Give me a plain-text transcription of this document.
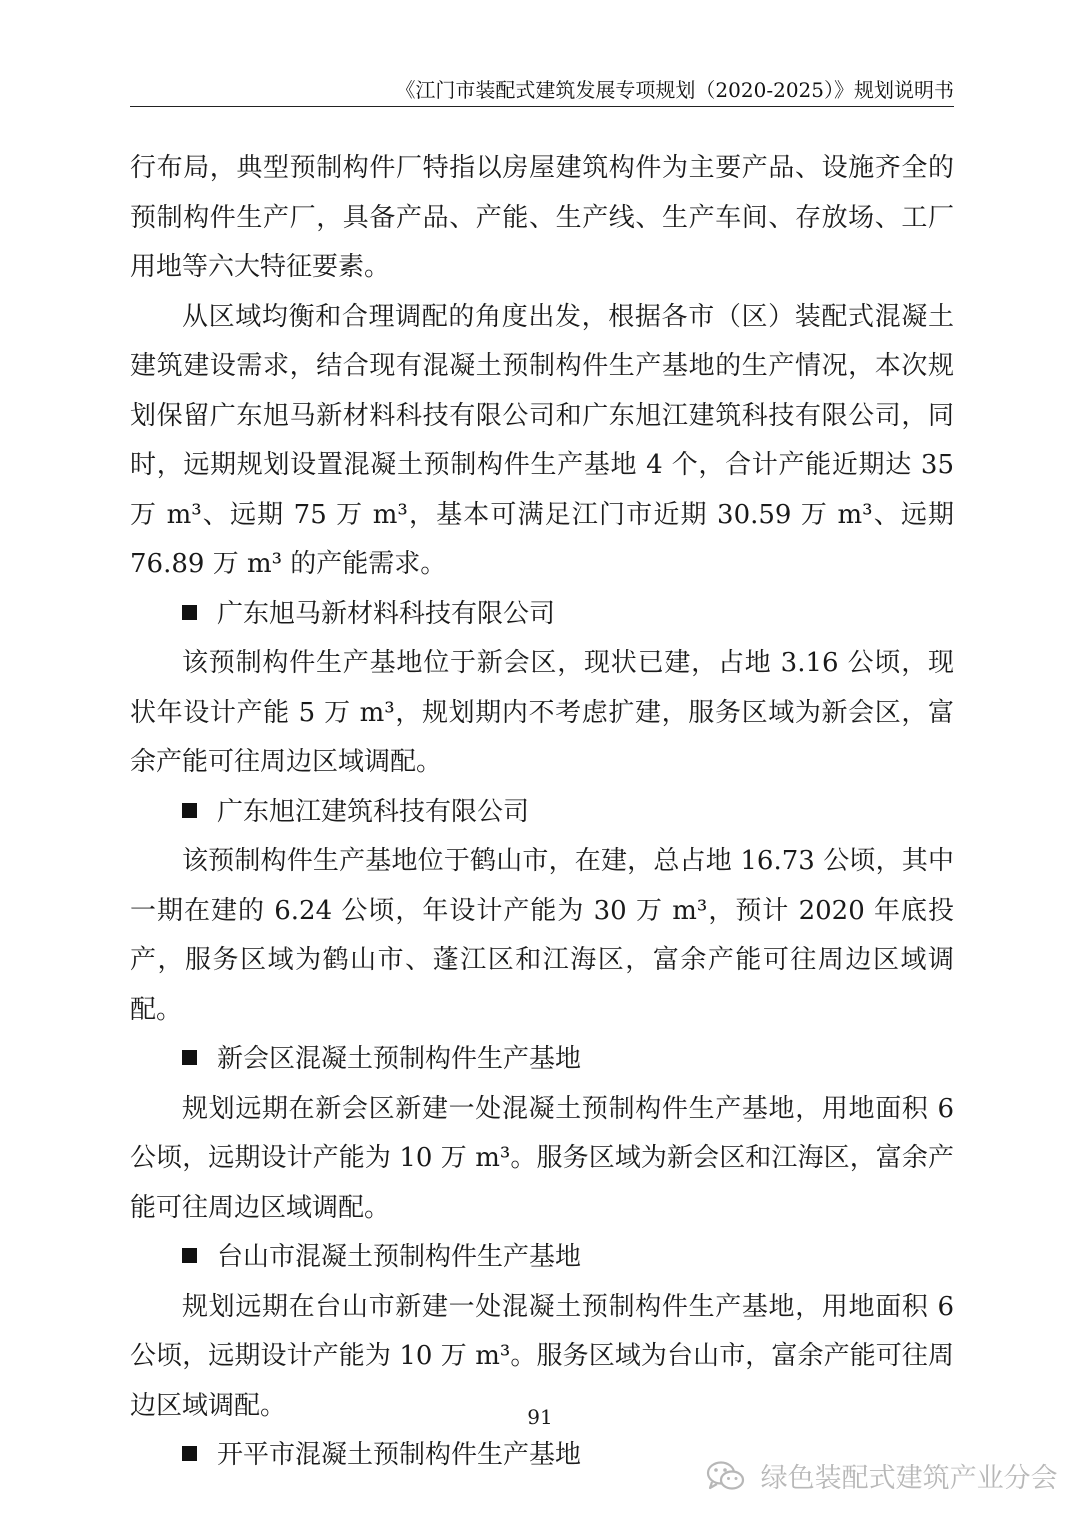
《江门市装配式建筑发展专项规划（2020-2025）》规划说明书

行布局，典型预制构件厂特指以房屋建筑构件为主要产品、设施齐全的预制构件生产厂，具备产品、产能、生产线、生产车间、存放场、工厂用地等六大特征要素。

从区域均衡和合理调配的角度出发，根据各市（区）装配式混凝土建筑建设需求，结合现有混凝土预制构件生产基地的生产情况，本次规划保留广东旭马新材料科技有限公司和广东旭江建筑科技有限公司，同时，远期规划设置混凝土预制构件生产基地 4 个，合计产能近期达 35 万 m³、远期 75 万 m³，基本可满足江门市近期 30.59 万 m³、远期 76.89 万 m³ 的产能需求。

广东旭马新材料科技有限公司

该预制构件生产基地位于新会区，现状已建，占地 3.16 公顷，现状年设计产能 5 万 m³，规划期内不考虑扩建，服务区域为新会区，富余产能可往周边区域调配。

广东旭江建筑科技有限公司

该预制构件生产基地位于鹤山市，在建，总占地 16.73 公顷，其中一期在建的 6.24 公顷，年设计产能为 30 万 m³，预计 2020 年底投产，服务区域为鹤山市、蓬江区和江海区，富余产能可往周边区域调配。

新会区混凝土预制构件生产基地

规划远期在新会区新建一处混凝土预制构件生产基地，用地面积 6 公顷，远期设计产能为 10 万 m³。服务区域为新会区和江海区，富余产能可往周边区域调配。

台山市混凝土预制构件生产基地

规划远期在台山市新建一处混凝土预制构件生产基地，用地面积 6 公顷，远期设计产能为 10 万 m³。服务区域为台山市，富余产能可往周边区域调配。

开平市混凝土预制构件生产基地

91
绿色装配式建筑产业分会
